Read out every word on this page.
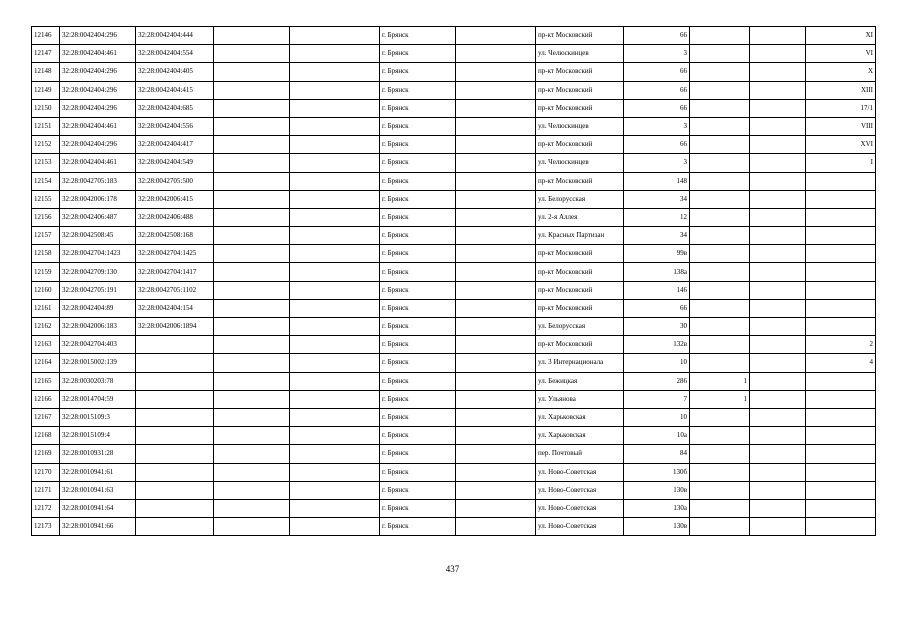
12146	32:28:0042404:296	32:28:0042404:444			г. Брянск		пр-кт Московский	66			XI
12147	32:28:0042404:461	32:28:0042404:554			г. Брянск		ул. Челюскинцев	3			VI
12148	32:28:0042404:296	32:28:0042404:405			г. Брянск		пр-кт Московский	66			X
12149	32:28:0042404:296	32:28:0042404:415			г. Брянск		пр-кт Московский	66			XIII
12150	32:28:0042404:296	32:28:0042404:685			г. Брянск		пр-кт Московский	66			17/1
12151	32:28:0042404:461	32:28:0042404:556			г. Брянск		ул. Челюскинцев	3			VIII
12152	32:28:0042404:296	32:28:0042404:417			г. Брянск		пр-кт Московский	66			XVI
12153	32:28:0042404:461	32:28:0042404:549			г. Брянск		ул. Челюскинцев	3			I
12154	32:28:0042705:183	32:28:0042705:500			г. Брянск		пр-кт Московский	148			
12155	32:28:0042006:178	32:28:0042006:415			г. Брянск		ул. Белорусская	34			
12156	32:28:0042406:487	32:28:0042406:488			г. Брянск		ул. 2-я Аллея	12			
12157	32:28:0042508:45	32:28:0042508:168			г. Брянск		ул. Красных Партизан	34			
12158	32:28:0042704:1423	32:28:0042704:1425			г. Брянск		пр-кт Московский	99в			
12159	32:28:0042709:130	32:28:0042704:1417			г. Брянск		пр-кт Московский	138а			
12160	32:28:0042705:191	32:28:0042705:1102			г. Брянск		пр-кт Московский	146			
12161	32:28:0042404:89	32:28:0042404:154			г. Брянск		пр-кт Московский	66			
12162	32:28:0042006:183	32:28:0042006:1894			г. Брянск		ул. Белорусская	30			
12163	32:28:0042704:403				г. Брянск		пр-кт Московский	132в			2
12164	32:28:0015002:139				г. Брянск		ул. 3 Интернационала	10			4
12165	32:28:0030203:78				г. Брянск		ул. Бежицкая	286	1		
12166	32:28:0014704:59				г. Брянск		ул. Ульянова	7	1		
12167	32:28:0015109:3				г. Брянск		ул. Харьковская	10			
12168	32:28:0015109:4				г. Брянск		ул. Харьковская	10а			
12169	32:28:0010931:28				г. Брянск		пер. Почтовый	84			
12170	32:28:0010941:61				г. Брянск		ул. Ново-Советская	130б			
12171	32:28:0010941:63				г. Брянск		ул. Ново-Советская	130в			
12172	32:28:0010941:64				г. Брянск		ул. Ново-Советская	130а			
12173	32:28:0010941:66				г. Брянск		ул. Ново-Советская	130в			
437
